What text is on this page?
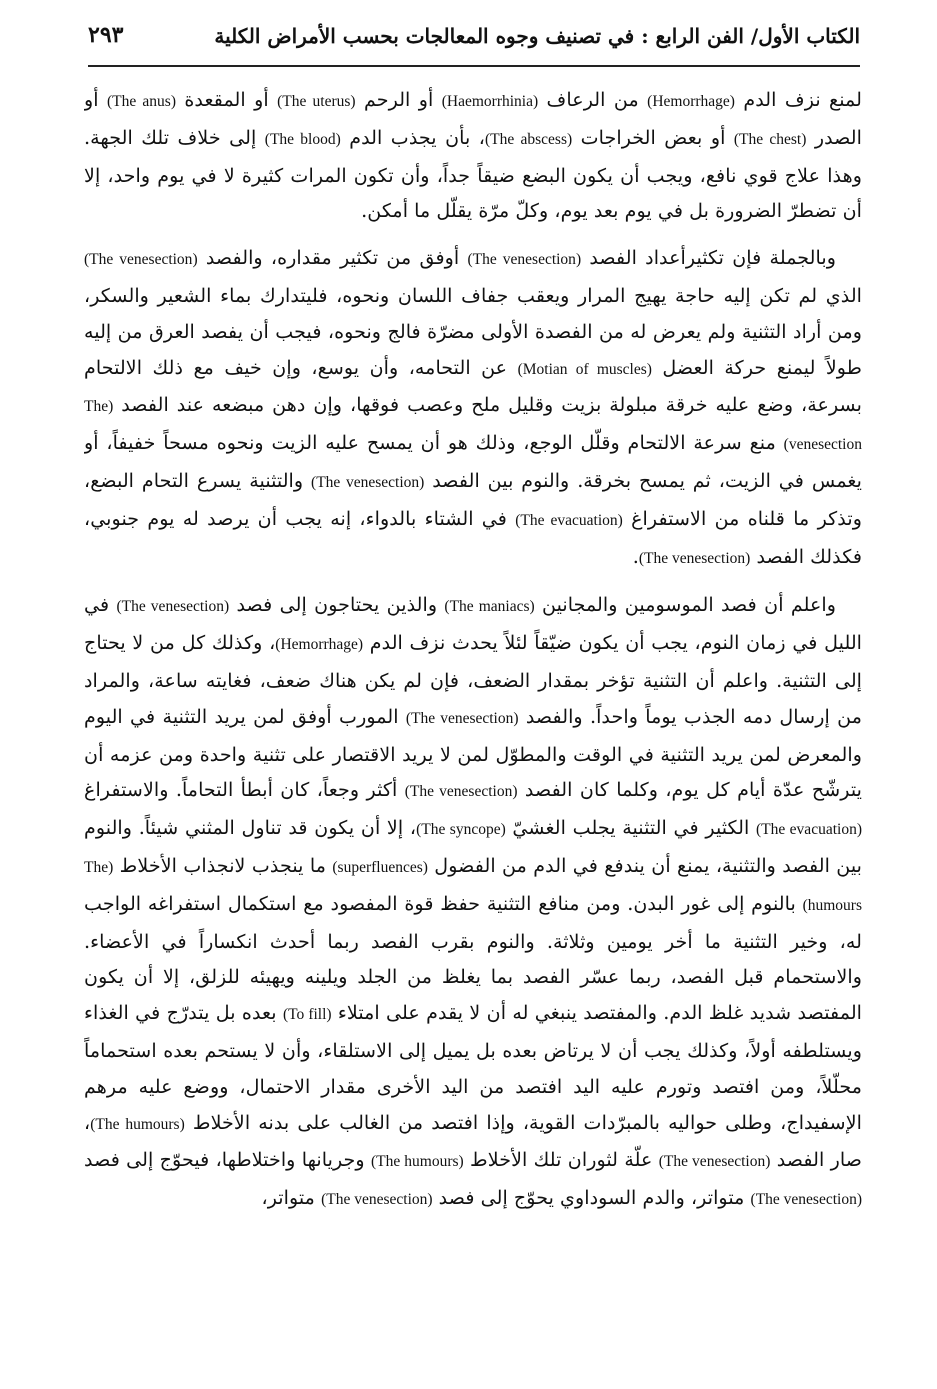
الكتاب الأول/ الفن الرابع : في تصنيف وجوه المعالجات بحسب الأمراض الكلية
٢٩٣

لمنع نزف الدم (Hemorrhage) من الرعاف (Haemorrhinia) أو الرحم (The uterus) أو المقعدة (The anus) أو الصدر (The chest) أو بعض الخراجات (The abscess)، بأن يجذب الدم (The blood) إلى خلاف تلك الجهة. وهذا علاج قوي نافع، ويجب أن يكون البضع ضيقاً جداً، وأن تكون المرات كثيرة لا في يوم واحد، إلا أن تضطرّ الضرورة بل في يوم بعد يوم، وكلّ مرّة يقلّل ما أمكن.

وبالجملة فإن تكثيرأعداد الفصد (The venesection) أوفق من تكثير مقداره، والفصد (The venesection) الذي لم تكن إليه حاجة يهيج المرار ويعقب جفاف اللسان ونحوه، فليتدارك بماء الشعير والسكر، ومن أراد التثنية ولم يعرض له من الفصدة الأولى مضرّة فالج ونحوه، فيجب أن يفصد العرق من إليه طولاً ليمنع حركة العضل (Motian of muscles) عن التحامه، وأن يوسع، وإن خيف مع ذلك الالتحام بسرعة، وضع عليه خرقة مبلولة بزيت وقليل ملح وعصب فوقها، وإن دهن مبضعه عند الفصد (The venesection) منع سرعة الالتحام وقلّل الوجع، وذلك هو أن يمسح عليه الزيت ونحوه مسحاً خفيفاً، أو يغمس في الزيت، ثم يمسح بخرقة. والنوم بين الفصد (The venesection) والتثنية يسرع التحام البضع، وتذكر ما قلناه من الاستفراغ (The evacuation) في الشتاء بالدواء، إنه يجب أن يرصد له يوم جنوبي، فكذلك الفصد (The venesection).

واعلم أن فصد الموسومين والمجانين (The maniacs) والذين يحتاجون إلى فصد (The venesection) في الليل في زمان النوم، يجب أن يكون ضيّقاً لئلاً يحدث نزف الدم (Hemorrhage)، وكذلك كل من لا يحتاج إلى التثنية. واعلم أن التثنية تؤخر بمقدار الضعف، فإن لم يكن هناك ضعف، فغايته ساعة، والمراد من إرسال دمه الجذب يوماً واحداً. والفصد (The venesection) المورب أوفق لمن يريد التثنية في اليوم والمعرض لمن يريد التثنية في الوقت والمطوّل لمن لا يريد الاقتصار على تثنية واحدة ومن عزمه أن يترشّح عدّة أيام كل يوم، وكلما كان الفصد (The venesection) أكثر وجعاً، كان أبطأ التحاماً. والاستفراغ (The evacuation) الكثير في التثنية يجلب الغشيّ (The syncope)، إلا أن يكون قد تناول المثني شيئاً. والنوم بين الفصد والتثنية، يمنع أن يندفع في الدم من الفضول (superfluences) ما ينجذب لانجذاب الأخلاط (The humours) بالنوم إلى غور البدن. ومن منافع التثنية حفظ قوة المفصود مع استكمال استفراغه الواجب له، وخير التثنية ما أخر يومين وثلاثة. والنوم بقرب الفصد ربما أحدث انكساراً في الأعضاء. والاستحمام قبل الفصد، ربما عسّر الفصد بما يغلظ من الجلد ويلينه ويهيئه للزلق، إلا أن يكون المفتصد شديد غلظ الدم. والمفتصد ينبغي له أن لا يقدم على امتلاء (To fill) بعده بل يتدرّج في الغذاء ويستلطفه أولاً، وكذلك يجب أن لا يرتاض بعده بل يميل إلى الاستلقاء، وأن لا يستحم بعده استحماماً محلّلاً، ومن افتصد وتورم عليه اليد افتصد من اليد الأخرى مقدار الاحتمال، ووضع عليه مرهم الإسفيداج، وطلى حواليه بالمبرّدات القوية، وإذا افتصد من الغالب على بدنه الأخلاط (The humours)، صار الفصد (The venesection) علّة لثوران تلك الأخلاط (The humours) وجريانها واختلاطها، فيحوّج إلى فصد (The venesection) متواتر، والدم السوداوي يحوّج إلى فصد (The venesection) متواتر،
